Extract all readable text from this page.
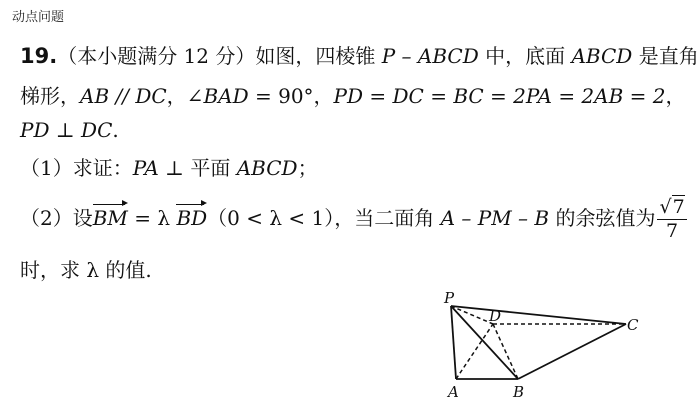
动点问题
19.（本小题满分 12 分）如图，四棱锥 P – ABCD 中，底面 ABCD 是直角
梯形，AB // DC，∠BAD = 90°，PD = DC = BC = 2PA = 2AB = 2，
PD ⊥ DC.
（1）求证：PA ⊥ 平面 ABCD；
（2）设BM = λ BD（0 < λ < 1），当二面角 A – PM – B 的余弦值为 $\frac{√7}{7}$
时，求 λ 的值.
P
D	C
A	B
